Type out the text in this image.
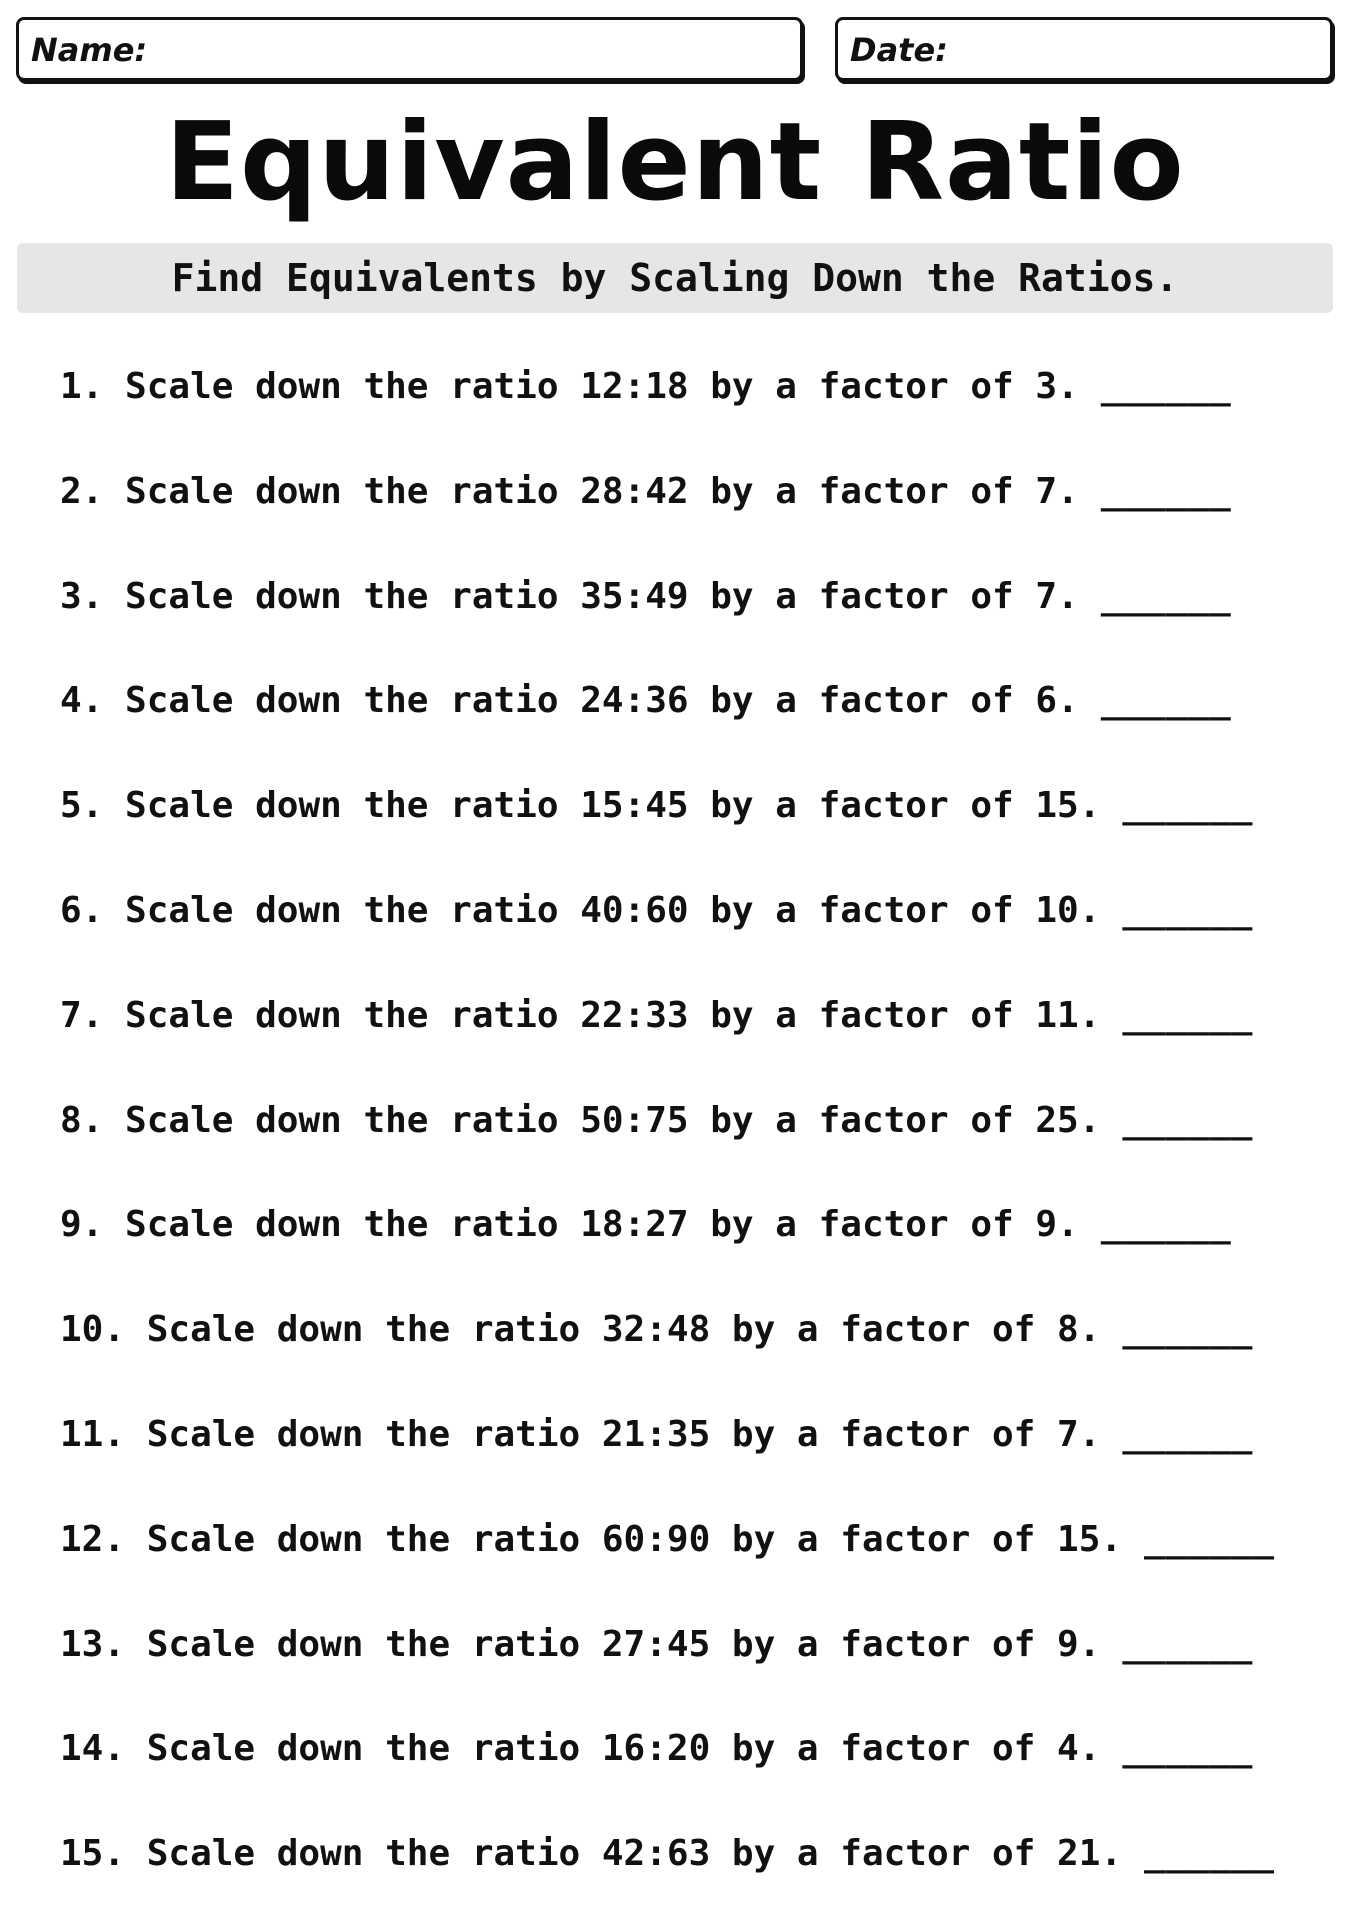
Name:	Date:
Equivalent Ratio
Find Equivalents by Scaling Down the Ratios.
1. Scale down the ratio 12:18 by a factor of 3. ______
2. Scale down the ratio 28:42 by a factor of 7. ______
3. Scale down the ratio 35:49 by a factor of 7. ______
4. Scale down the ratio 24:36 by a factor of 6. ______
5. Scale down the ratio 15:45 by a factor of 15. ______
6. Scale down the ratio 40:60 by a factor of 10. ______
7. Scale down the ratio 22:33 by a factor of 11. ______
8. Scale down the ratio 50:75 by a factor of 25. ______
9. Scale down the ratio 18:27 by a factor of 9. ______
10. Scale down the ratio 32:48 by a factor of 8. ______
11. Scale down the ratio 21:35 by a factor of 7. ______
12. Scale down the ratio 60:90 by a factor of 15. ______
13. Scale down the ratio 27:45 by a factor of 9. ______
14. Scale down the ratio 16:20 by a factor of 4. ______
15. Scale down the ratio 42:63 by a factor of 21. ______
